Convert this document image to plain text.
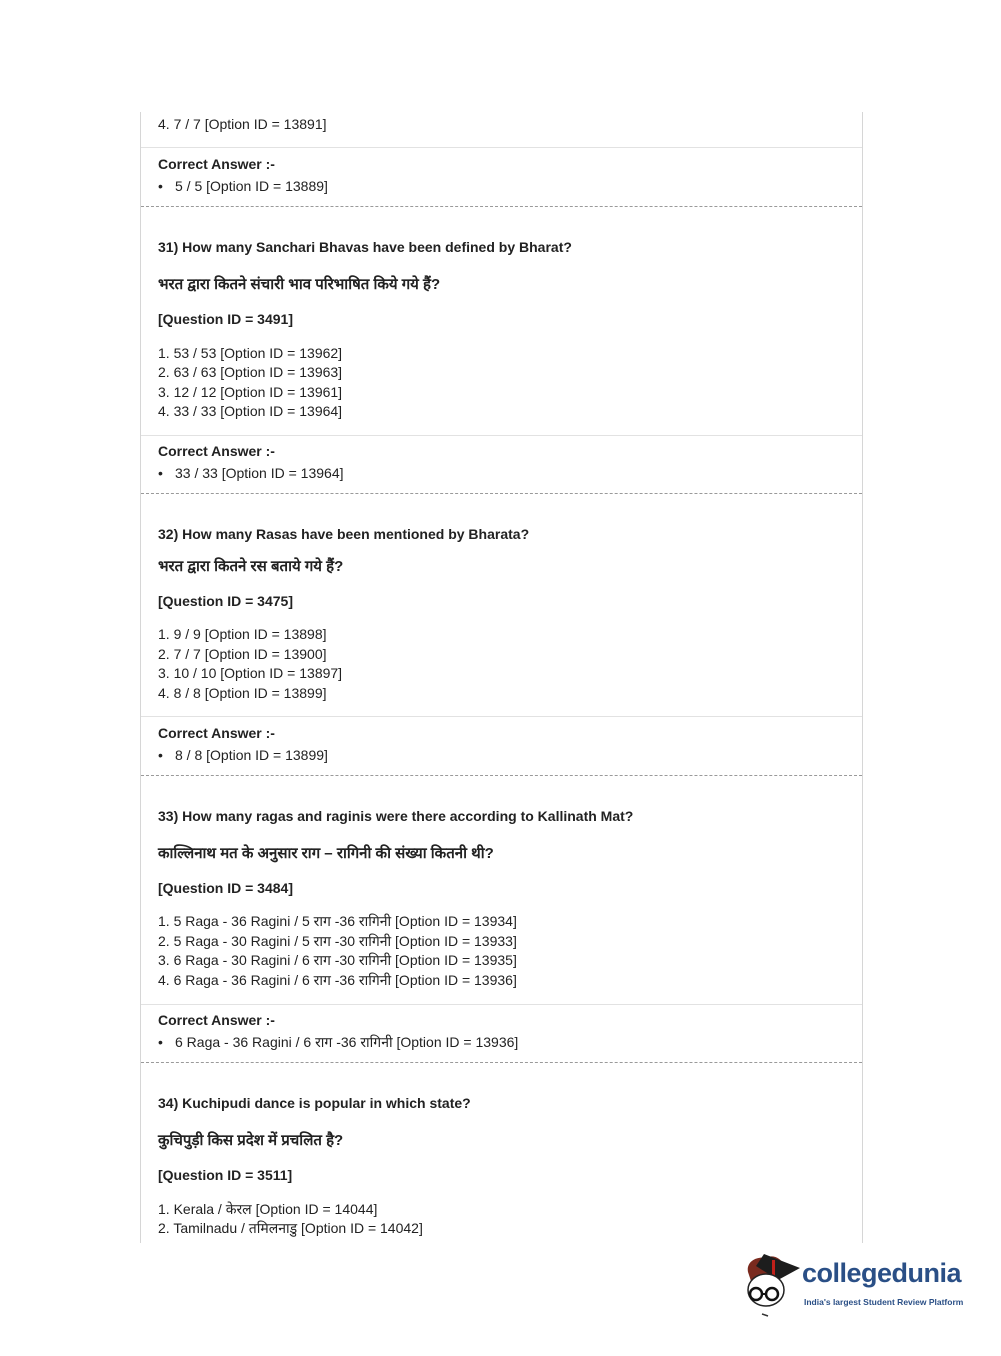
4. 7 / 7 [Option ID = 13891]
Correct Answer :-
• 5 / 5 [Option ID = 13889]
31) How many Sanchari Bhavas have been defined by Bharat?
भरत द्वारा कितने संचारी भाव परिभाषित किये गये हैं?
[Question ID = 3491]
1. 53 / 53 [Option ID = 13962]
2. 63 / 63 [Option ID = 13963]
3. 12 / 12 [Option ID = 13961]
4. 33 / 33 [Option ID = 13964]
Correct Answer :-
• 33 / 33 [Option ID = 13964]
32) How many Rasas have been mentioned by Bharata?
भरत द्वारा कितने रस बताये गये हैं?
[Question ID = 3475]
1. 9 / 9 [Option ID = 13898]
2. 7 / 7 [Option ID = 13900]
3. 10 / 10 [Option ID = 13897]
4. 8 / 8 [Option ID = 13899]
Correct Answer :-
• 8 / 8 [Option ID = 13899]
33) How many ragas and raginis were there according to Kallinath Mat?
काल्लिनाथ मत के अनुसार राग – रागिनी की संख्या कितनी थी?
[Question ID = 3484]
1. 5 Raga - 36 Ragini / 5 राग -36 रागिनी [Option ID = 13934]
2. 5 Raga - 30 Ragini / 5 राग -30 रागिनी [Option ID = 13933]
3. 6 Raga - 30 Ragini / 6 राग -30 रागिनी [Option ID = 13935]
4. 6 Raga - 36 Ragini / 6 राग -36 रागिनी [Option ID = 13936]
Correct Answer :-
• 6 Raga - 36 Ragini / 6 राग -36 रागिनी [Option ID = 13936]
34) Kuchipudi dance is popular in which state?
कुचिपुड़ी किस प्रदेश में प्रचलित है?
[Question ID = 3511]
1. Kerala / केरल [Option ID = 14044]
2. Tamilnadu / तमिलनाडु [Option ID = 14042]
collegedunia
India's largest Student Review Platform
